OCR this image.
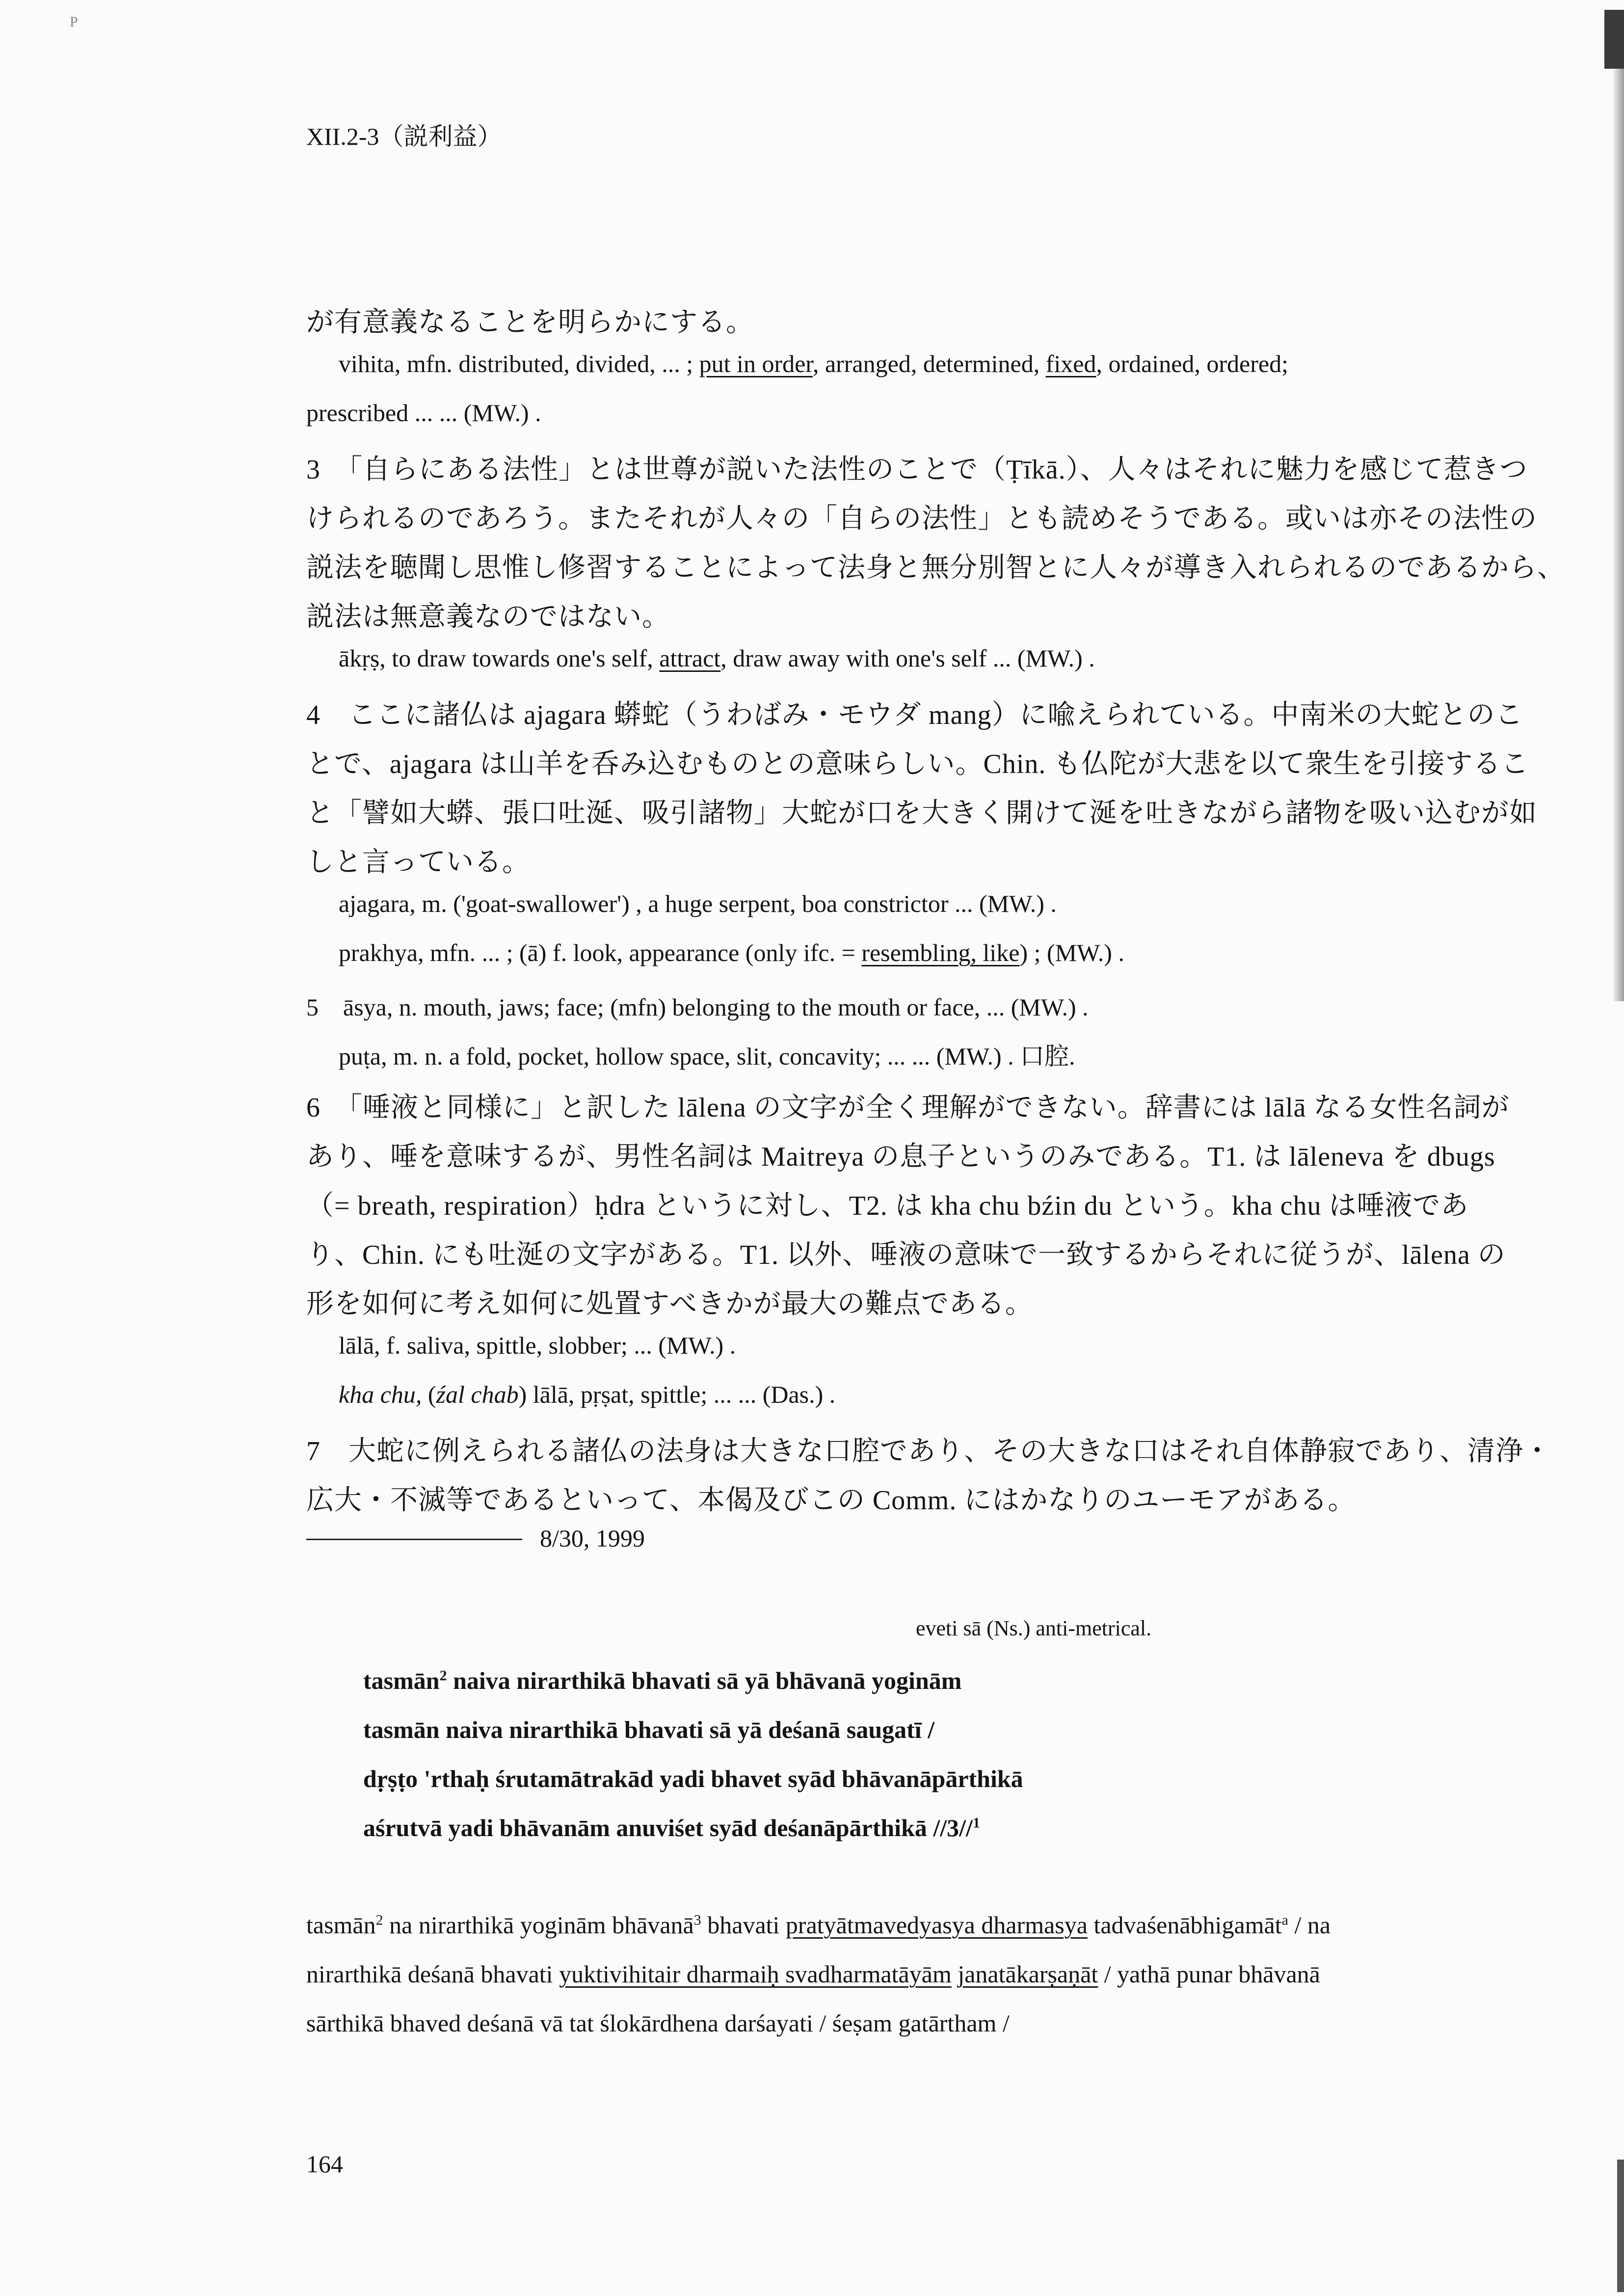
P
XII.2-3（説利益）
が有意義なることを明らかにする。
vihita, mfn. distributed, divided, ... ; put in order, arranged, determined, fixed, ordained, ordered;
prescribed ... ... (MW.) .
3　「自らにある法性」とは世尊が説いた法性のことで（Ṭīkā.）、人々はそれに魅力を感じて惹きつ
けられるのであろう。またそれが人々の「自らの法性」とも読めそうである。或いは亦その法性の
説法を聴聞し思惟し修習することによって法身と無分別智とに人々が導き入れられるのであるから、
説法は無意義なのではない。
ākṛṣ, to draw towards one's self, attract, draw away with one's self ... (MW.) .
4　ここに諸仏は ajagara 蟒蛇（うわばみ・モウダ mang）に喩えられている。中南米の大蛇とのこ
とで、ajagara は山羊を呑み込むものとの意味らしい。Chin. も仏陀が大悲を以て衆生を引接するこ
と「譬如大蟒、張口吐涎、吸引諸物」大蛇が口を大きく開けて涎を吐きながら諸物を吸い込むが如
しと言っている。
ajagara, m. ('goat-swallower') , a huge serpent, boa constrictor ... (MW.) .
prakhya, mfn. ... ; (ā) f. look, appearance (only ifc. = resembling, like) ; (MW.) .
5　āsya, n. mouth, jaws; face; (mfn) belonging to the mouth or face, ... (MW.) .
puṭa, m. n. a fold, pocket, hollow space, slit, concavity; ... ... (MW.) . 口腔.
6　「唾液と同様に」と訳した lālena の文字が全く理解ができない。辞書には lālā なる女性名詞が
あり、唾を意味するが、男性名詞は Maitreya の息子というのみである。T1. は lāleneva を dbugs
（= breath, respiration）ḥdra というに対し、T2. は kha chu bźin du という。kha chu は唾液であ
り、Chin. にも吐涎の文字がある。T1. 以外、唾液の意味で一致するからそれに従うが、lālena の
形を如何に考え如何に処置すべきかが最大の難点である。
lālā, f. saliva, spittle, slobber; ... (MW.) .
kha chu, (źal chab) lālā, pṛṣat, spittle; ... ... (Das.) .
7　大蛇に例えられる諸仏の法身は大きな口腔であり、その大きな口はそれ自体静寂であり、清浄・
広大・不滅等であるといって、本偈及びこの Comm. にはかなりのユーモアがある。
8/30, 1999
eveti sā (Ns.) anti-metrical.
tasmān$^2$ naiva nirarthikā bhavati sā yā bhāvanā yoginām
tasmān naiva nirarthikā bhavati sā yā deśanā saugatī /
dṛṣṭo 'rthaḥ śrutamātrakād yadi bhavet syād bhāvanāpārthikā
aśrutvā yadi bhāvanām anuviśet syād deśanāpārthikā //3//$^1$
tasmān$^2$ na nirarthikā yoginām bhāvanā$^3$ bhavati pratyātmavedyasya dharmasya tadvaśenābhigamāt$^a$ / na
nirarthikā deśanā bhavati yuktivihitair dharmaiḥ svadharmatāyām janatākarṣaṇāt / yathā punar bhāvanā
sārthikā bhaved deśanā vā tat ślokārdhena darśayati / śeṣam gatārtham /
164
